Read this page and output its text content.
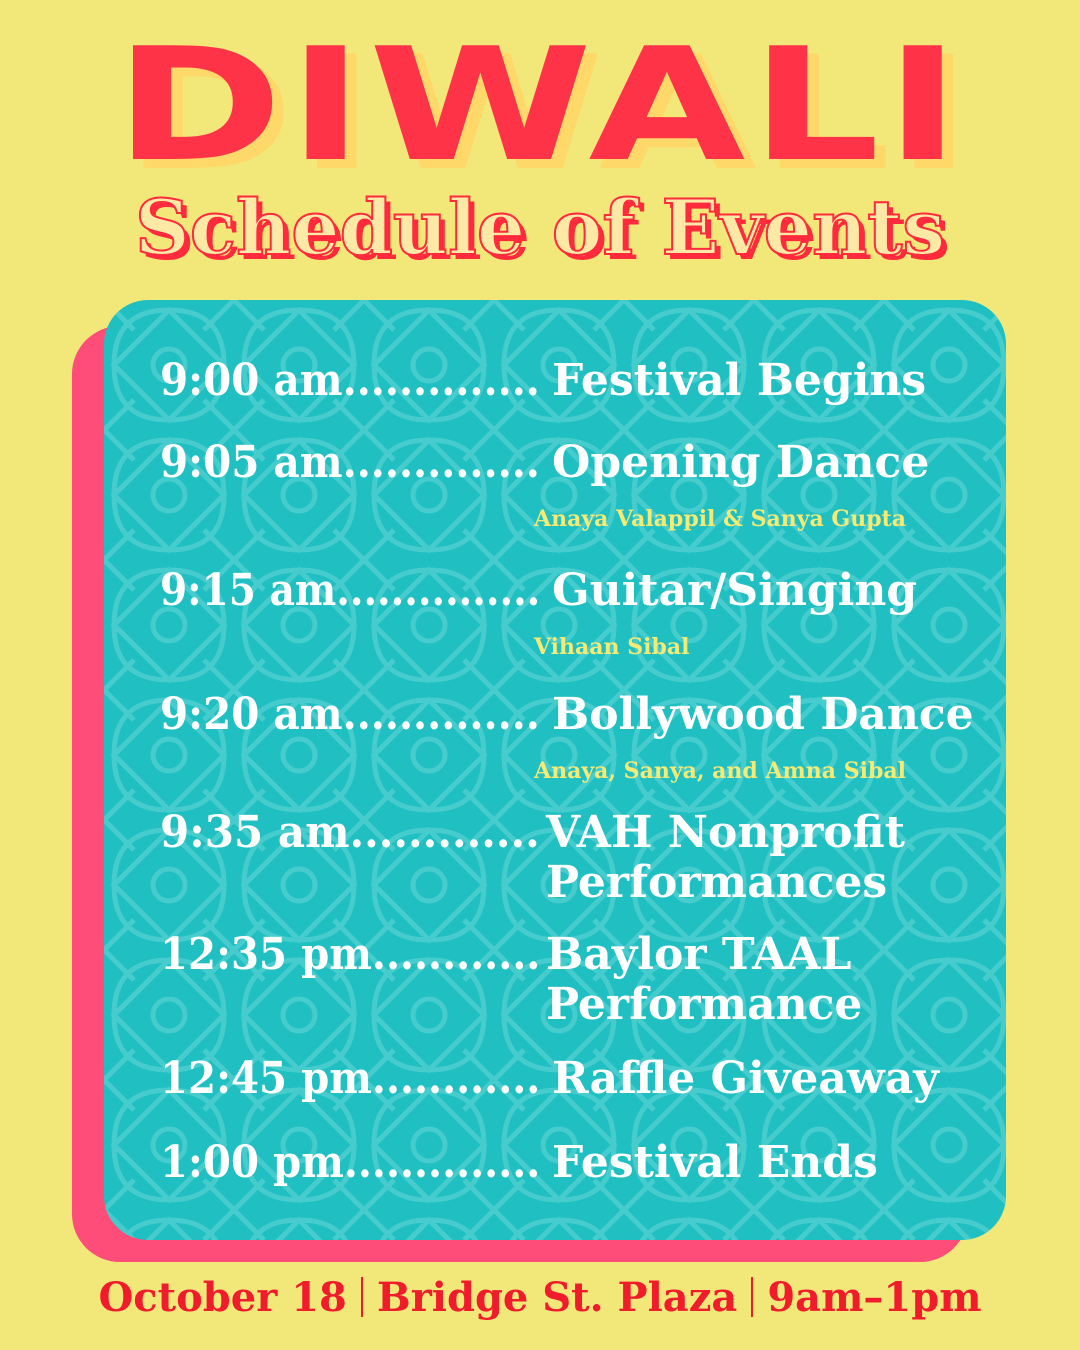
DIWALI
Schedule of Events
9:00 am.............. Festival Begins
9:05 am.............. Opening Dance
Anaya Valappil & Sanya Gupta
9:15 am............... Guitar/Singing
Vihaan Sibal
9:20 am.............. Bollywood Dance
Anaya, Sanya, and Amna Sibal
9:35 am............. VAH Nonprofit Performances
12:35 pm............ Baylor TAAL Performance
12:45 pm............ Raffle Giveaway
1:00 pm.............. Festival Ends
October 18 Bridge St. Plaza 9am–1pm
